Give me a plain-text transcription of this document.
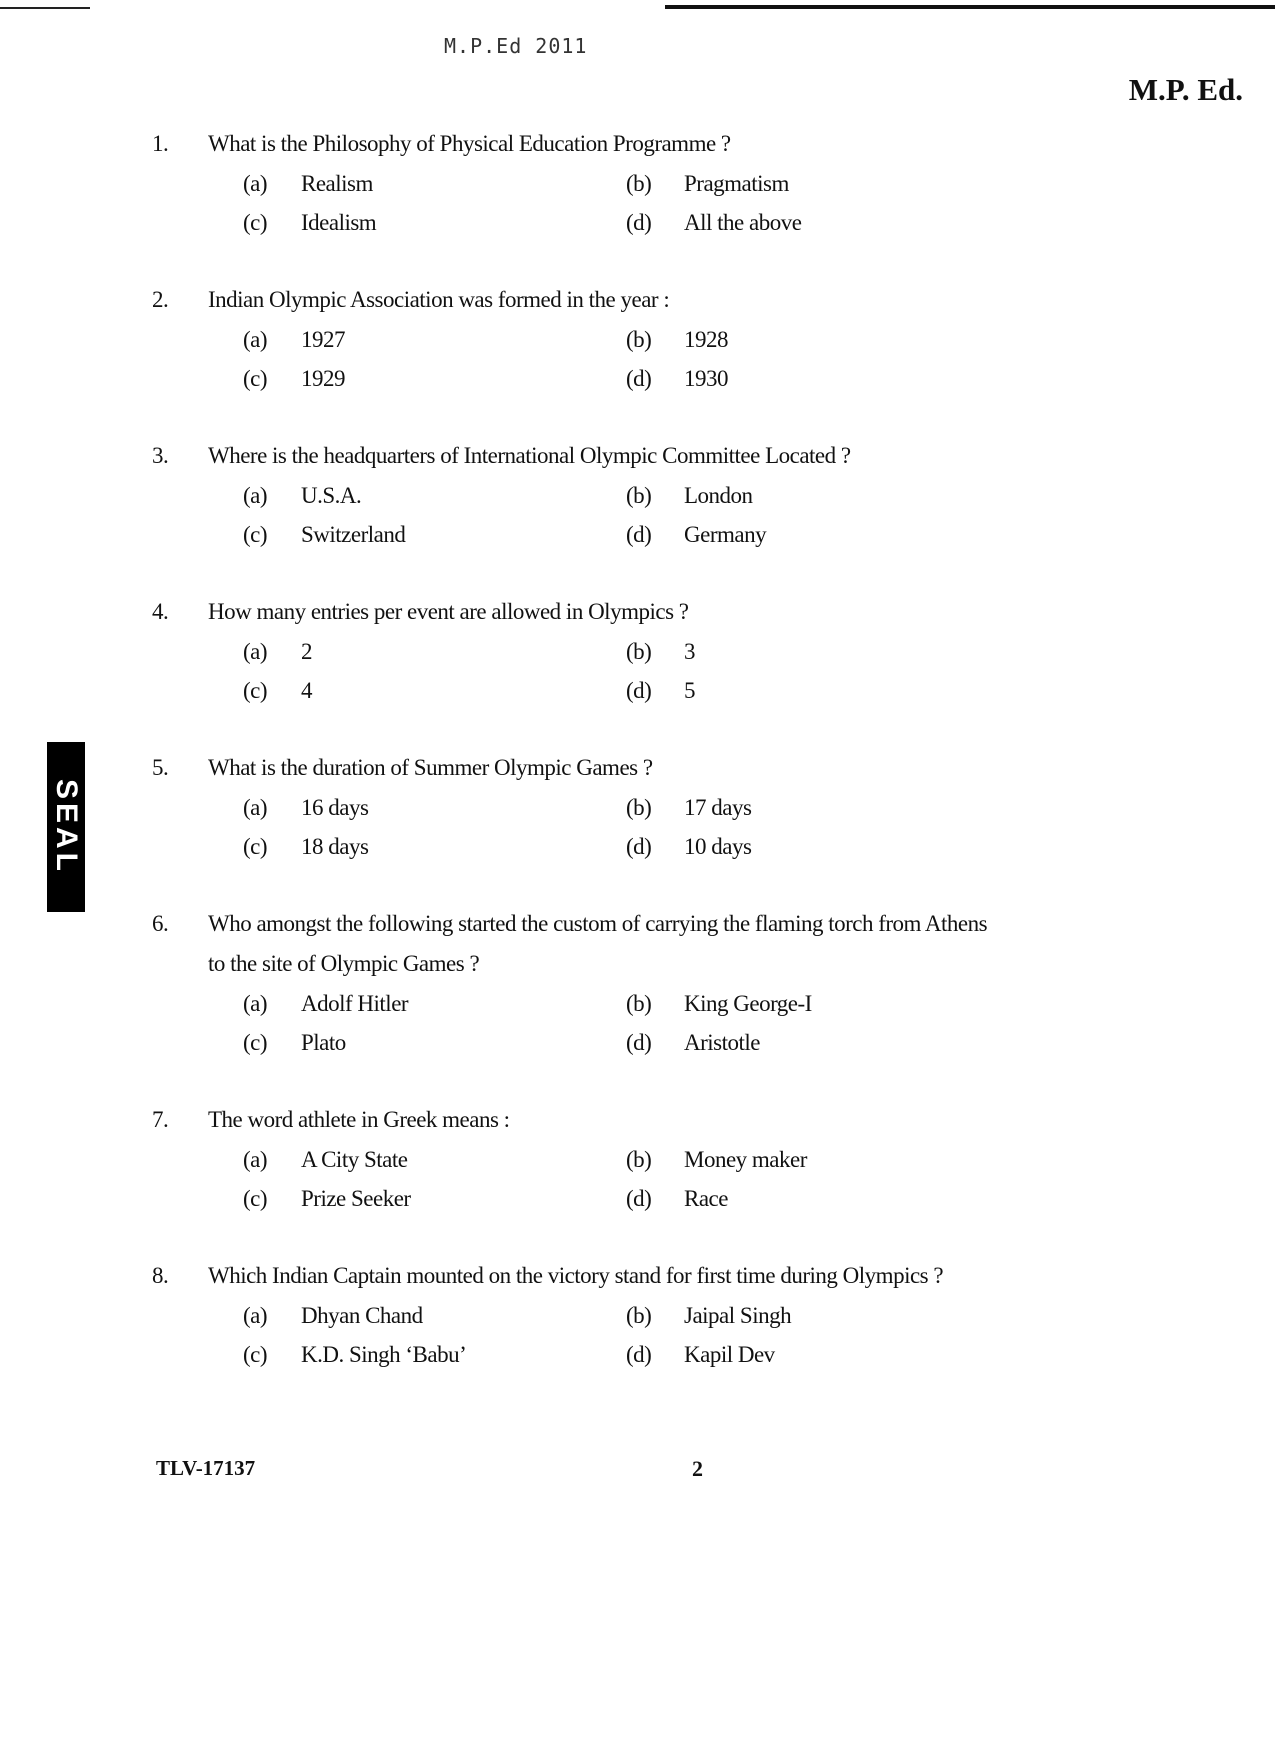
M.P.Ed 2011
M.P. Ed.
SEAL
1.	What is the Philosophy of Physical Education Programme ?
(a)	Realism	(b)	Pragmatism
(c)	Idealism	(d)	All the above
2.	Indian Olympic Association was formed in the year :
(a)	1927	(b)	1928
(c)	1929	(d)	1930
3.	Where is the headquarters of International Olympic Committee Located ?
(a)	U.S.A.	(b)	London
(c)	Switzerland	(d)	Germany
4.	How many entries per event are allowed in Olympics ?
(a)	2	(b)	3
(c)	4	(d)	5
5.	What is the duration of Summer Olympic Games ?
(a)	16 days	(b)	17 days
(c)	18 days	(d)	10 days
6.	Who amongst the following started the custom of carrying the flaming torch from Athens to the site of Olympic Games ?
(a)	Adolf Hitler	(b)	King George-I
(c)	Plato	(d)	Aristotle
7.	The word athlete in Greek means :
(a)	A City State	(b)	Money maker
(c)	Prize Seeker	(d)	Race
8.	Which Indian Captain mounted on the victory stand for first time during Olympics ?
(a)	Dhyan Chand	(b)	Jaipal Singh
(c)	K.D. Singh ‘Babu’	(d)	Kapil Dev
TLV-17137	2
